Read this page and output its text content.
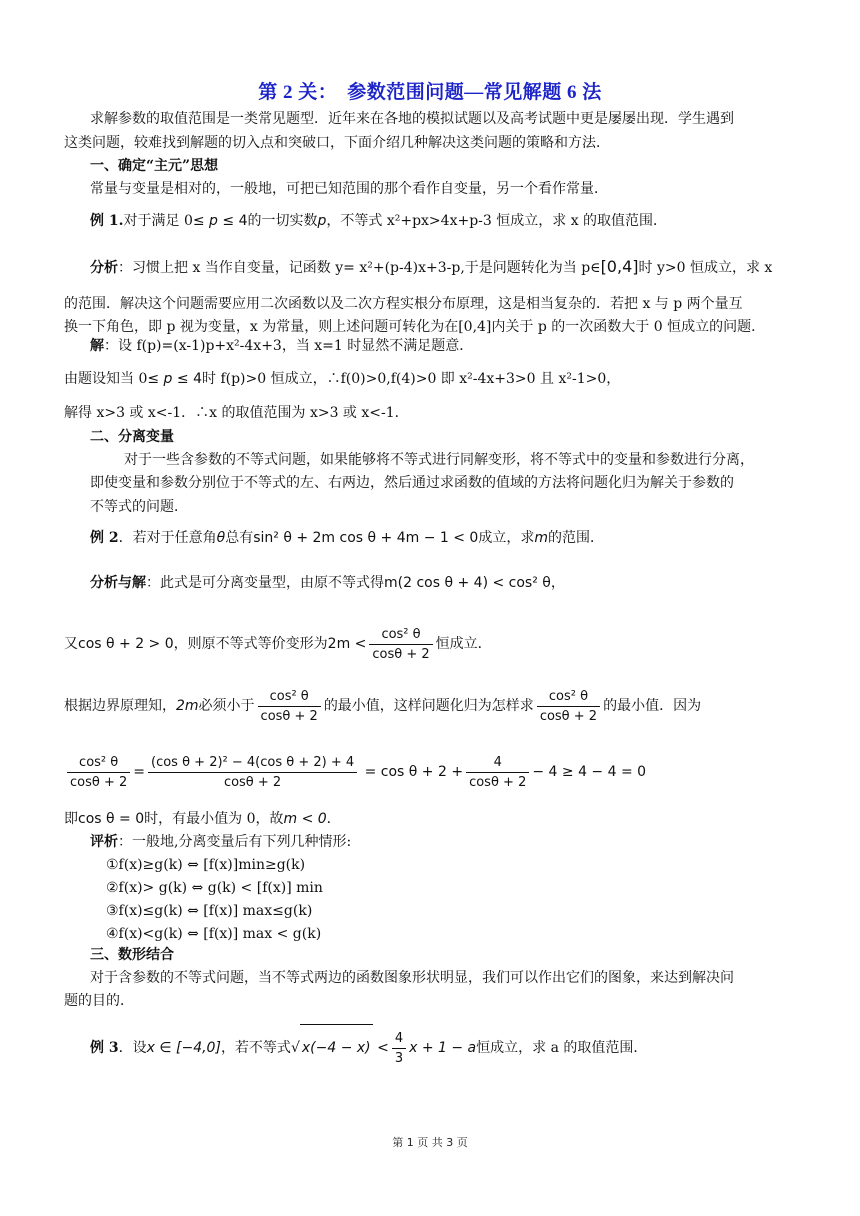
第 2 关：　参数范围问题—常见解题 6 法
求解参数的取值范围是一类常见题型．近年来在各地的模拟试题以及高考试题中更是屡屡出现．学生遇到
这类问题，较难找到解题的切入点和突破口，下面介绍几种解决这类问题的策略和方法．
一、确定“主元”思想
常量与变量是相对的，一般地，可把已知范围的那个看作自变量，另一个看作常量．
例 1.对于满足 0≤ p ≤ 4的一切实数p，不等式 x²+px>4x+p-3 恒成立，求 x 的取值范围．
分析：习惯上把 x 当作自变量，记函数 y= x²+(p-4)x+3-p,于是问题转化为当 p∈[0,4]时 y>0 恒成立，求 x
的范围．解决这个问题需要应用二次函数以及二次方程实根分布原理，这是相当复杂的．若把 x 与 p 两个量互
换一下角色，即 p 视为变量，x 为常量，则上述问题可转化为在[0,4]内关于 p 的一次函数大于 0 恒成立的问题．
解：设 f(p)=(x-1)p+x²-4x+3，当 x=1 时显然不满足题意．
由题设知当 0≤ p ≤ 4时 f(p)>0 恒成立，∴f(0)>0,f(4)>0 即 x²-4x+3>0 且 x²-1>0，
解得 x>3 或 x<-1．∴x 的取值范围为 x>3 或 x<-1．
二、分离变量
对于一些含参数的不等式问题，如果能够将不等式进行同解变形，将不等式中的变量和参数进行分离，
即使变量和参数分别位于不等式的左、右两边，然后通过求函数的值域的方法将问题化归为解关于参数的
不等式的问题．
例 2．若对于任意角θ总有sin² θ + 2m cos θ + 4m − 1 < 0成立，求m的范围．
分析与解：此式是可分离变量型，由原不等式得m(2 cos θ + 4) < cos² θ，
又cos θ + 2 > 0，则原不等式等价变形为$2m < \frac{\text{cos² θ}}{\cos\theta + 2}$ 恒成立．
根据边界原理知，2m必须小于 $\frac{\text{cos² θ}}{\cos\theta + 2}$ 的最小值，这样问题化归为怎样求 $\frac{\text{cos² θ}}{\cos\theta + 2}$ 的最小值．因为
$\frac{\text{cos² θ}}{\cos\theta + 2} = \frac{\text{(cos θ + 2)² − 4(cos θ + 2) + 4}}{\cos\theta + 2} = \cos \theta + 2 + \frac{4}{\cos\theta + 2} - 4 \ge 4 - 4 = 0$
即cos θ = 0时，有最小值为 0，故m < 0．
评析：一般地,分离变量后有下列几种情形:
①f(x)≥g(k) ⇔ [f(x)]min≥g(k)
②f(x)> g(k) ⇔ g(k) < [f(x)] min
③f(x)≤g(k) ⇔ [f(x)] max≤g(k)
④f(x)<g(k) ⇔ [f(x)] max < g(k)
三、数形结合
对于含参数的不等式问题，当不等式两边的函数图象形状明显，我们可以作出它们的图象，来达到解决问
题的目的．
例 3．设x ∈ [−4,0]，若不等式√ $x(-4 - x) < \frac{4}{3}$ x + 1 − a恒成立，求 a 的取值范围．
第 1 页 共 3 页
